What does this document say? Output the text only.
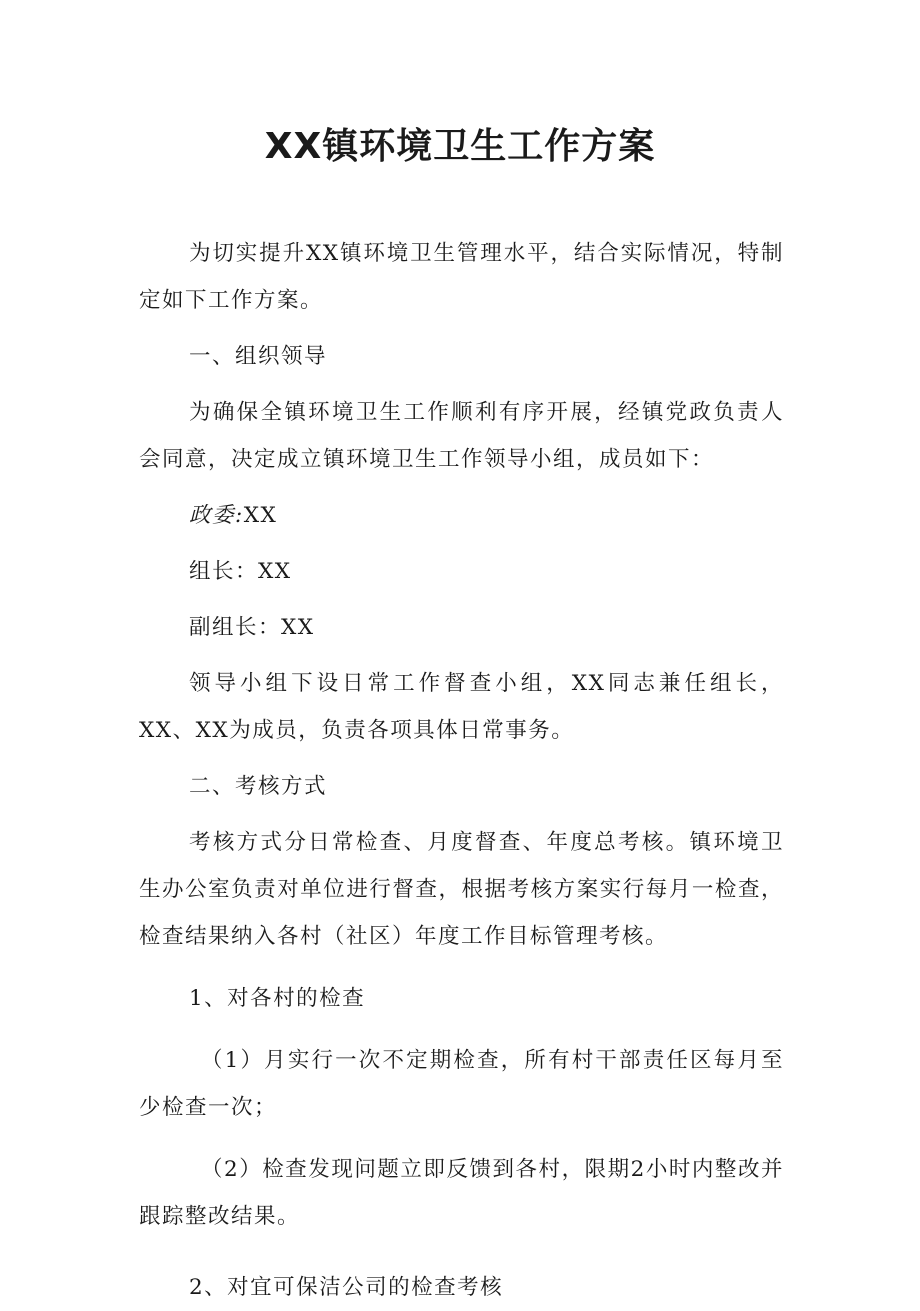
XX镇环境卫生工作方案

为切实提升XX镇环境卫生管理水平，结合实际情况，特制定如下工作方案。

一、组织领导

为确保全镇环境卫生工作顺利有序开展，经镇党政负责人会同意，决定成立镇环境卫生工作领导小组，成员如下：

政委:XX

组长：XX

副组长：XX

领导小组下设日常工作督查小组，XX同志兼任组长，XX、XX为成员，负责各项具体日常事务。

二、考核方式

考核方式分日常检查、月度督查、年度总考核。镇环境卫生办公室负责对单位进行督查，根据考核方案实行每月一检查，检查结果纳入各村（社区）年度工作目标管理考核。

1、对各村的检查

（1）月实行一次不定期检查，所有村干部责任区每月至少检查一次；

（2）检查发现问题立即反馈到各村，限期2小时内整改并跟踪整改结果。

2、对宜可保洁公司的检查考核
